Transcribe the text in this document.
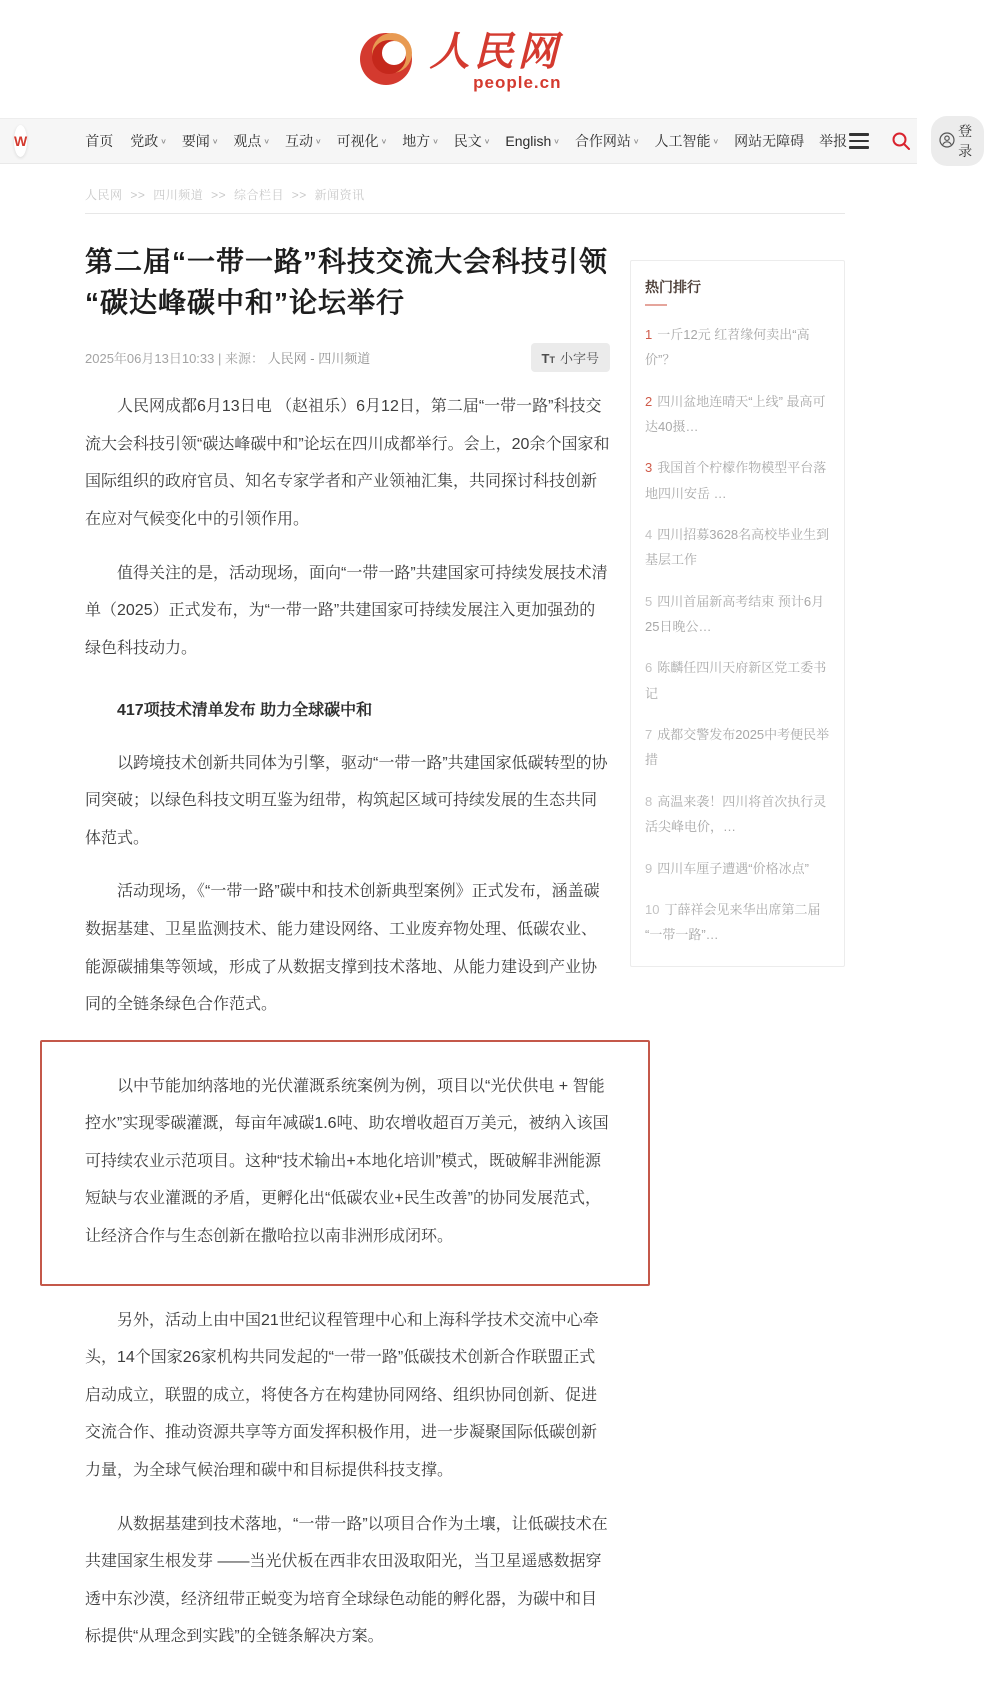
人民网
people.cn
W	首页 党政 ∨ 要闻 ∨ 观点 ∨ 互动 ∨ 可视化 ∨ 地方 ∨ 民文 ∨ English ∨ 合作网站 ∨ 人工智能 ∨ 网站无障碍 举报
登录
人民网 >> 四川频道 >> 综合栏目 >> 新闻资讯
第二届“一带一路”科技交流大会科技引领“碳达峰碳中和”论坛举行
2025年06月13日10:33 | 来源： 人民网 - 四川频道	TT 小字号

人民网成都6月13日电 （赵祖乐）6月12日，第二届“一带一路”科技交流大会科技引领“碳达峰碳中和”论坛在四川成都举行。会上，20余个国家和国际组织的政府官员、知名专家学者和产业领袖汇集，共同探讨科技创新在应对气候变化中的引领作用。

值得关注的是，活动现场，面向“一带一路”共建国家可持续发展技术清单（2025）正式发布，为“一带一路”共建国家可持续发展注入更加强劲的绿色科技动力。

417项技术清单发布 助力全球碳中和

以跨境技术创新共同体为引擎，驱动“一带一路”共建国家低碳转型的协同突破；以绿色科技文明互鉴为纽带，构筑起区域可持续发展的生态共同体范式。

活动现场，《“一带一路”碳中和技术创新典型案例》正式发布，涵盖碳数据基建、卫星监测技术、能力建设网络、工业废弃物处理、低碳农业、能源碳捕集等领域，形成了从数据支撑到技术落地、从能力建设到产业协同的全链条绿色合作范式。

以中节能加纳落地的光伏灌溉系统案例为例，项目以“光伏供电 + 智能控水”实现零碳灌溉，每亩年减碳1.6吨、助农增收超百万美元，被纳入该国可持续农业示范项目。这种“技术输出+本地化培训”模式，既破解非洲能源短缺与农业灌溉的矛盾，更孵化出“低碳农业+民生改善”的协同发展范式，让经济合作与生态创新在撒哈拉以南非洲形成闭环。

另外，活动上由中国21世纪议程管理中心和上海科学技术交流中心牵头，14个国家26家机构共同发起的“一带一路”低碳技术创新合作联盟正式启动成立，联盟的成立，将使各方在构建协同网络、组织协同创新、促进交流合作、推动资源共享等方面发挥积极作用，进一步凝聚国际低碳创新力量，为全球气候治理和碳中和目标提供科技支撑。

从数据基建到技术落地，“一带一路”以项目合作为土壤，让低碳技术在共建国家生根发芽 ——当光伏板在西非农田汲取阳光，当卫星遥感数据穿透中东沙漠，经济纽带正蜕变为培育全球绿色动能的孵化器，为碳中和目标提供“从理念到实践”的全链条解决方案。

热门排行
1 一斤12元 红苕缘何卖出“高价”？
2 四川盆地连晴天“上线” 最高可达40摄…
3 我国首个柠檬作物模型平台落地四川安岳 …
4 四川招募3628名高校毕业生到基层工作
5 四川首届新高考结束 预计6月25日晚公…
6 陈麟任四川天府新区党工委书记
7 成都交警发布2025中考便民举措
8 高温来袭！四川将首次执行灵活尖峰电价，…
9 四川车厘子遭遇“价格冰点”
10 丁薛祥会见来华出席第二届“一带一路”…
